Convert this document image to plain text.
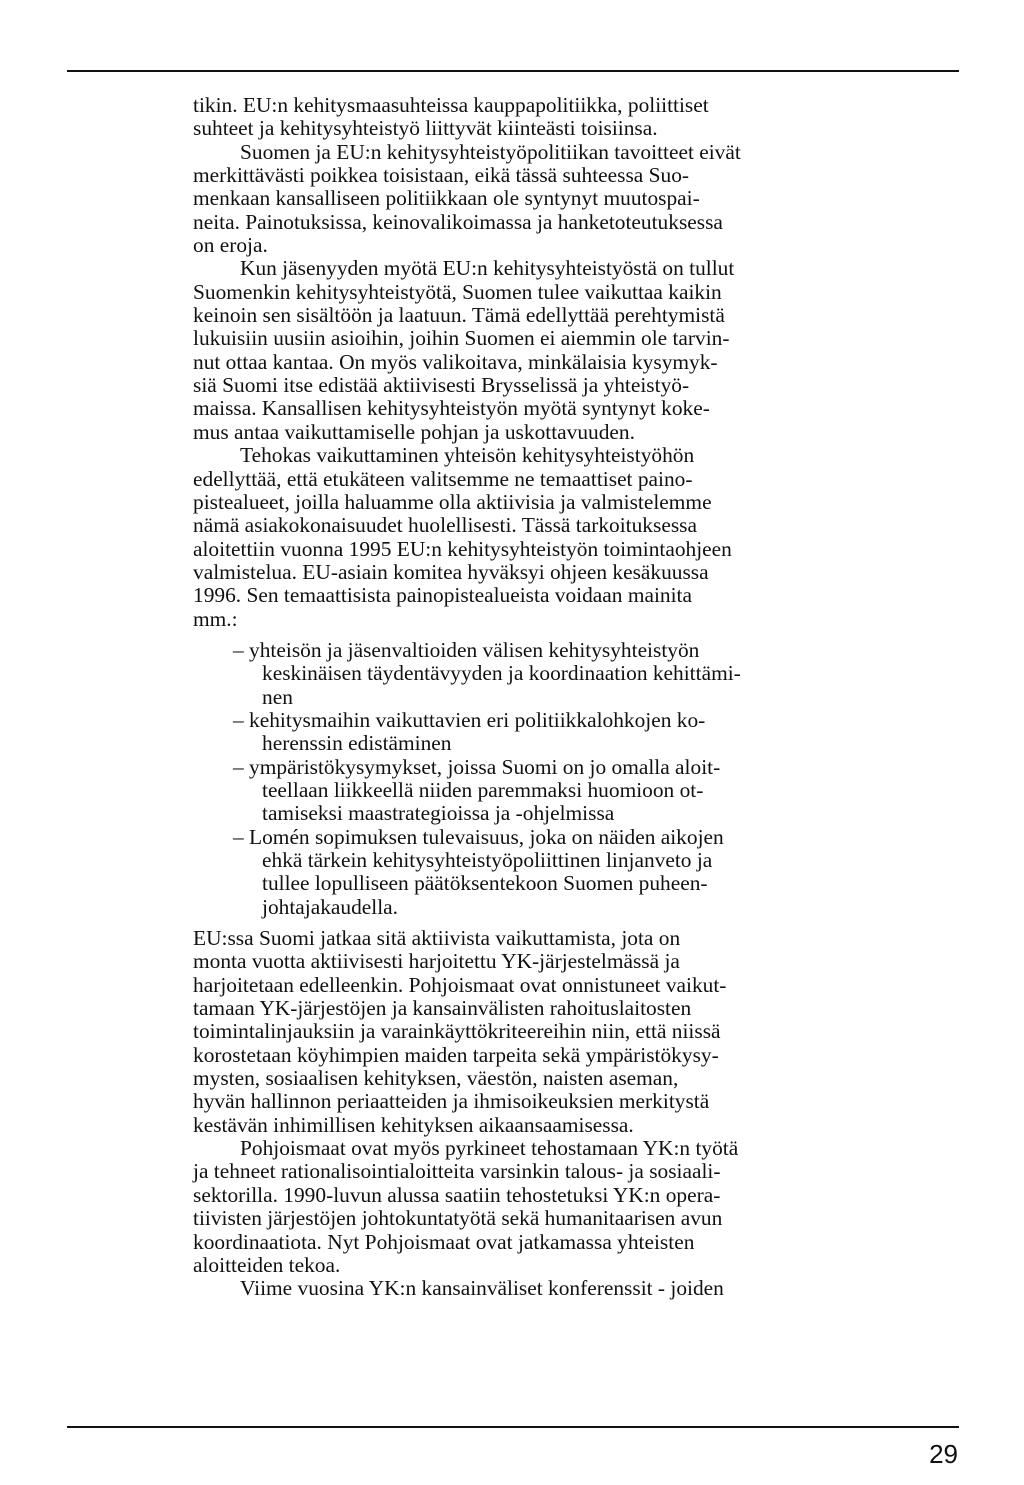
tikin. EU:n kehitysmaasuhteissa kauppapolitiikka, poliittiset
suhteet ja kehitysyhteistyö liittyvät kiinteästi toisiinsa.
Suomen ja EU:n kehitysyhteistyöpolitiikan tavoitteet eivät
merkittävästi poikkea toisistaan, eikä tässä suhteessa Suo-
menkaan kansalliseen politiikkaan ole syntynyt muutospai-
neita. Painotuksissa, keinovalikoimassa ja hanketoteutuksessa
on eroja.
Kun jäsenyyden myötä EU:n kehitysyhteistyöstä on tullut
Suomenkin kehitysyhteistyötä, Suomen tulee vaikuttaa kaikin
keinoin sen sisältöön ja laatuun. Tämä edellyttää perehtymistä
lukuisiin uusiin asioihin, joihin Suomen ei aiemmin ole tarvin-
nut ottaa kantaa. On myös valikoitava, minkälaisia kysymyk-
siä Suomi itse edistää aktiivisesti Brysselissä ja yhteistyö-
maissa. Kansallisen kehitysyhteistyön myötä syntynyt koke-
mus antaa vaikuttamiselle pohjan ja uskottavuuden.
Tehokas vaikuttaminen yhteisön kehitysyhteistyöhön
edellyttää, että etukäteen valitsemme ne temaattiset paino-
pistealueet, joilla haluamme olla aktiivisia ja valmistelemme
nämä asiakokonaisuudet huolellisesti. Tässä tarkoituksessa
aloitettiin vuonna 1995 EU:n kehitysyhteistyön toimintaohjeen
valmistelua. EU-asiain komitea hyväksyi ohjeen kesäkuussa
1996. Sen temaattisista painopistealueista voidaan mainita
mm.:
– yhteisön ja jäsenvaltioiden välisen kehitysyhteistyön
keskinäisen täydentävyyden ja koordinaation kehittämi-
nen
– kehitysmaihin vaikuttavien eri politiikkalohkojen ko-
herenssin edistäminen
– ympäristökysymykset, joissa Suomi on jo omalla aloit-
teellaan liikkeellä niiden paremmaksi huomioon ot-
tamiseksi maastrategioissa ja -ohjelmissa
– Lomén sopimuksen tulevaisuus, joka on näiden aikojen
ehkä tärkein kehitysyhteistyöpoliittinen linjanveto ja
tullee lopulliseen päätöksentekoon Suomen puheen-
johtajakaudella.
EU:ssa Suomi jatkaa sitä aktiivista vaikuttamista, jota on
monta vuotta aktiivisesti harjoitettu YK-järjestelmässä ja
harjoitetaan edelleenkin. Pohjoismaat ovat onnistuneet vaikut-
tamaan YK-järjestöjen ja kansainvälisten rahoituslaitosten
toimintalinjauksiin ja varainkäyttökriteereihin niin, että niissä
korostetaan köyhimpien maiden tarpeita sekä ympäristökysy-
mysten, sosiaalisen kehityksen, väestön, naisten aseman,
hyvän hallinnon periaatteiden ja ihmisoikeuksien merkitystä
kestävän inhimillisen kehityksen aikaansaamisessa.
Pohjoismaat ovat myös pyrkineet tehostamaan YK:n työtä
ja tehneet rationalisointialoitteita varsinkin talous- ja sosiaali-
sektorilla. 1990-luvun alussa saatiin tehostetuksi YK:n opera-
tiivisten järjestöjen johtokuntatyötä sekä humanitaarisen avun
koordinaatiota. Nyt Pohjoismaat ovat jatkamassa yhteisten
aloitteiden tekoa.
Viime vuosina YK:n kansainväliset konferenssit - joiden
29
